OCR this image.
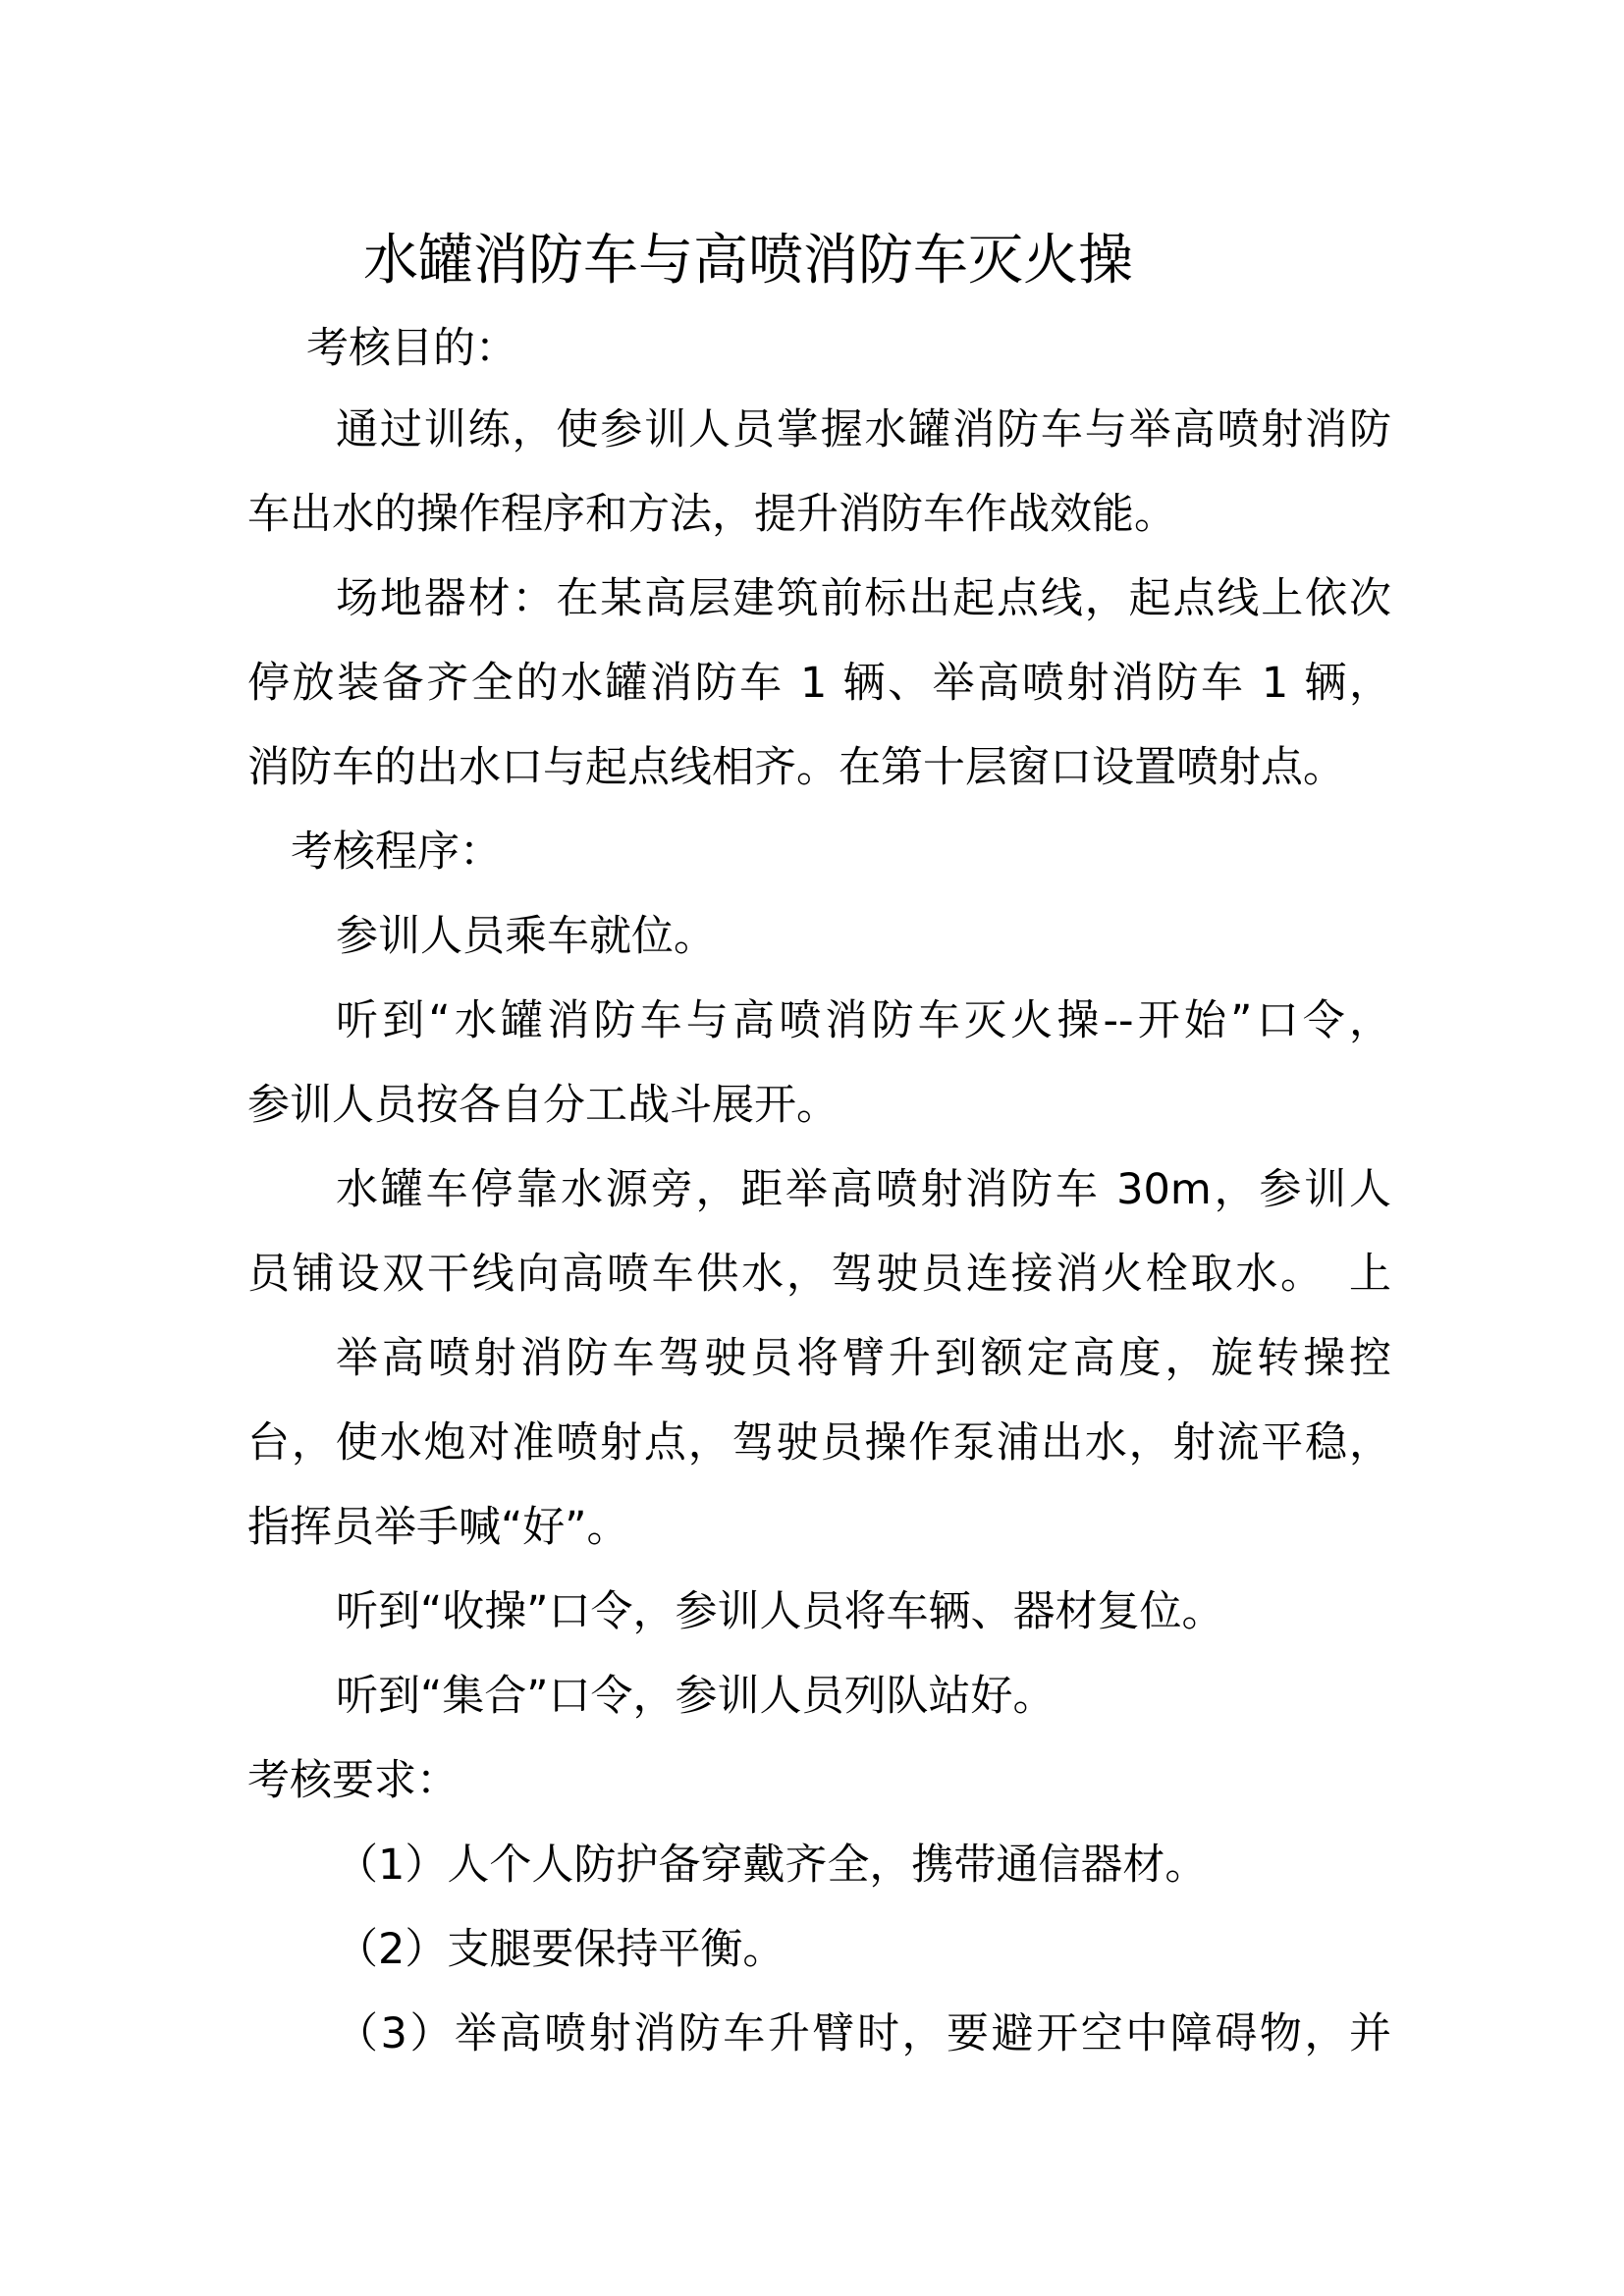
水罐消防车与高喷消防车灭火操
考核目的：
通过训练，使参训人员掌握水罐消防车与举高喷射消防
车出水的操作程序和方法，提升消防车作战效能。
场地器材：在某高层建筑前标出起点线，起点线上依次
停放装备齐全的水罐消防车 1 辆、举高喷射消防车 1 辆，
消防车的出水口与起点线相齐。在第十层窗口设置喷射点。
考核程序：
参训人员乘车就位。
听到“水罐消防车与高喷消防车灭火操--开始”口令，
参训人员按各自分工战斗展开。
水罐车停靠水源旁，距举高喷射消防车 30m，参训人
员铺设双干线向高喷车供水，驾驶员连接消火栓取水。　上
举高喷射消防车驾驶员将臂升到额定高度，旋转操控
台，使水炮对准喷射点，驾驶员操作泵浦出水，射流平稳，
指挥员举手喊“好”。
听到“收操”口令，参训人员将车辆、器材复位。
听到“集合”口令，参训人员列队站好。
考核要求：
（1）人个人防护备穿戴齐全，携带通信器材。
（2）支腿要保持平衡。
（3）举高喷射消防车升臂时，要避开空中障碍物，并
